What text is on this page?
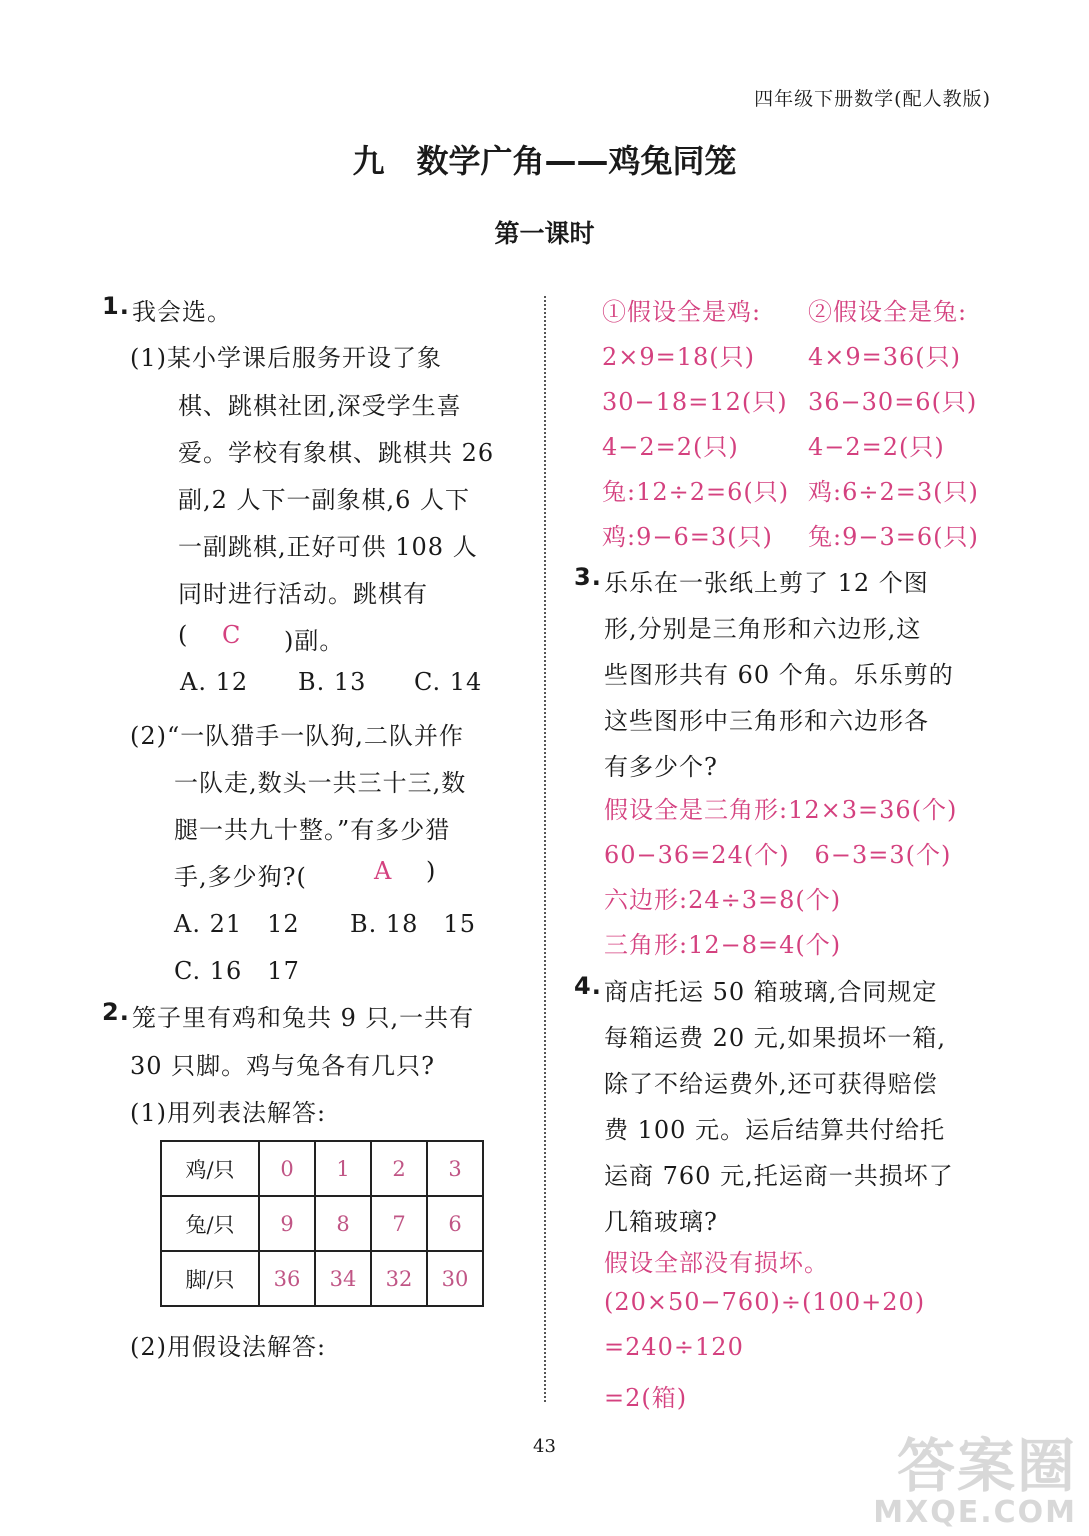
四年级下册数学(配人教版)
九　数学广角——鸡兔同笼
第一课时
1. 我会选。
(1)某小学课后服务开设了象
棋、跳棋社团,深受学生喜
爱。学校有象棋、跳棋共 26
副,2 人下一副象棋,6 人下
一副跳棋,正好可供 108 人
同时进行活动。跳棋有
( C )副。
A. 12 B. 13 C. 14
(2)“一队猎手一队狗,二队并作
一队走,数头一共三十三,数
腿一共九十整。”有多少猎
手,多少狗?(	A )
A. 21　12 B. 18　15
C. 16　17
2. 笼子里有鸡和兔共 9 只,一共有
30 只脚。鸡与兔各有几只?
(1)用列表法解答:
鸡/只	0	1	2	3
兔/只	9	8	7	6
脚/只	36	34	32	30
(2)用假设法解答:
①假设全是鸡:
2×9=18(只)
30−18=12(只)
4−2=2(只)
兔:12÷2=6(只)
鸡:9−6=3(只)
②假设全是兔:
4×9=36(只)
36−30=6(只)
4−2=2(只)
鸡:6÷2=3(只)
兔:9−3=6(只)
3. 乐乐在一张纸上剪了 12 个图
形,分别是三角形和六边形,这
些图形共有 60 个角。乐乐剪的
这些图形中三角形和六边形各
有多少个?
假设全是三角形:12×3=36(个)
60−36=24(个)　6−3=3(个)
六边形:24÷3=8(个)
三角形:12−8=4(个)
4. 商店托运 50 箱玻璃,合同规定
每箱运费 20 元,如果损坏一箱,
除了不给运费外,还可获得赔偿
费 100 元。运后结算共付给托
运商 760 元,托运商一共损坏了
几箱玻璃?
假设全部没有损坏。
(20×50−760)÷(100+20)
=240÷120
=2(箱)
43	答案圈
MXQE.COM
